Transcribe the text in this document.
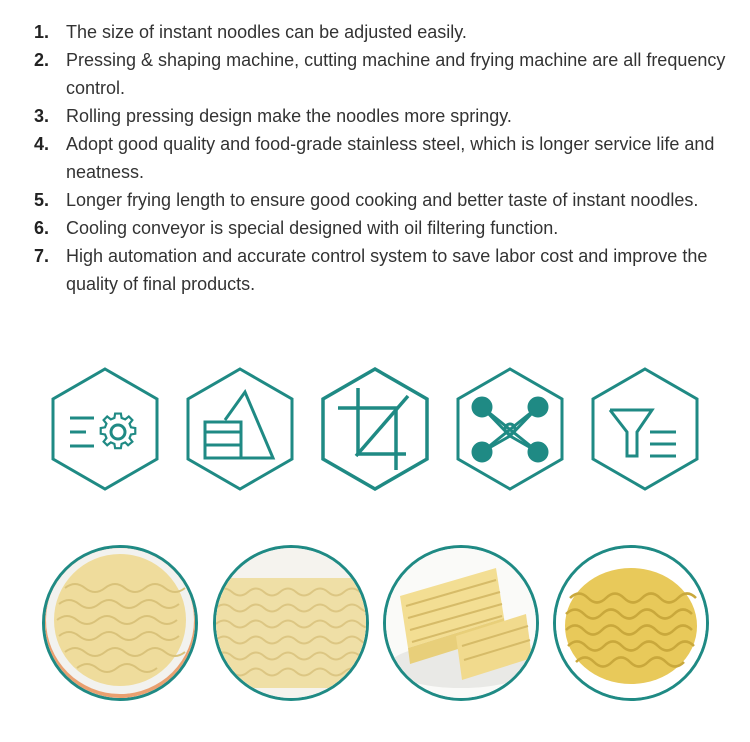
1. The size of instant noodles can be adjusted easily.
2. Pressing & shaping machine, cutting machine and frying machine are all frequency control.
3. Rolling pressing design make the noodles more springy.
4. Adopt good quality and food-grade stainless steel, which is longer service life and neatness.
5. Longer frying length to ensure good cooking and better taste of instant noodles.
6. Cooling conveyor is special designed with oil filtering function.
7. High automation and accurate control system to save labor cost and improve the quality of final products.
